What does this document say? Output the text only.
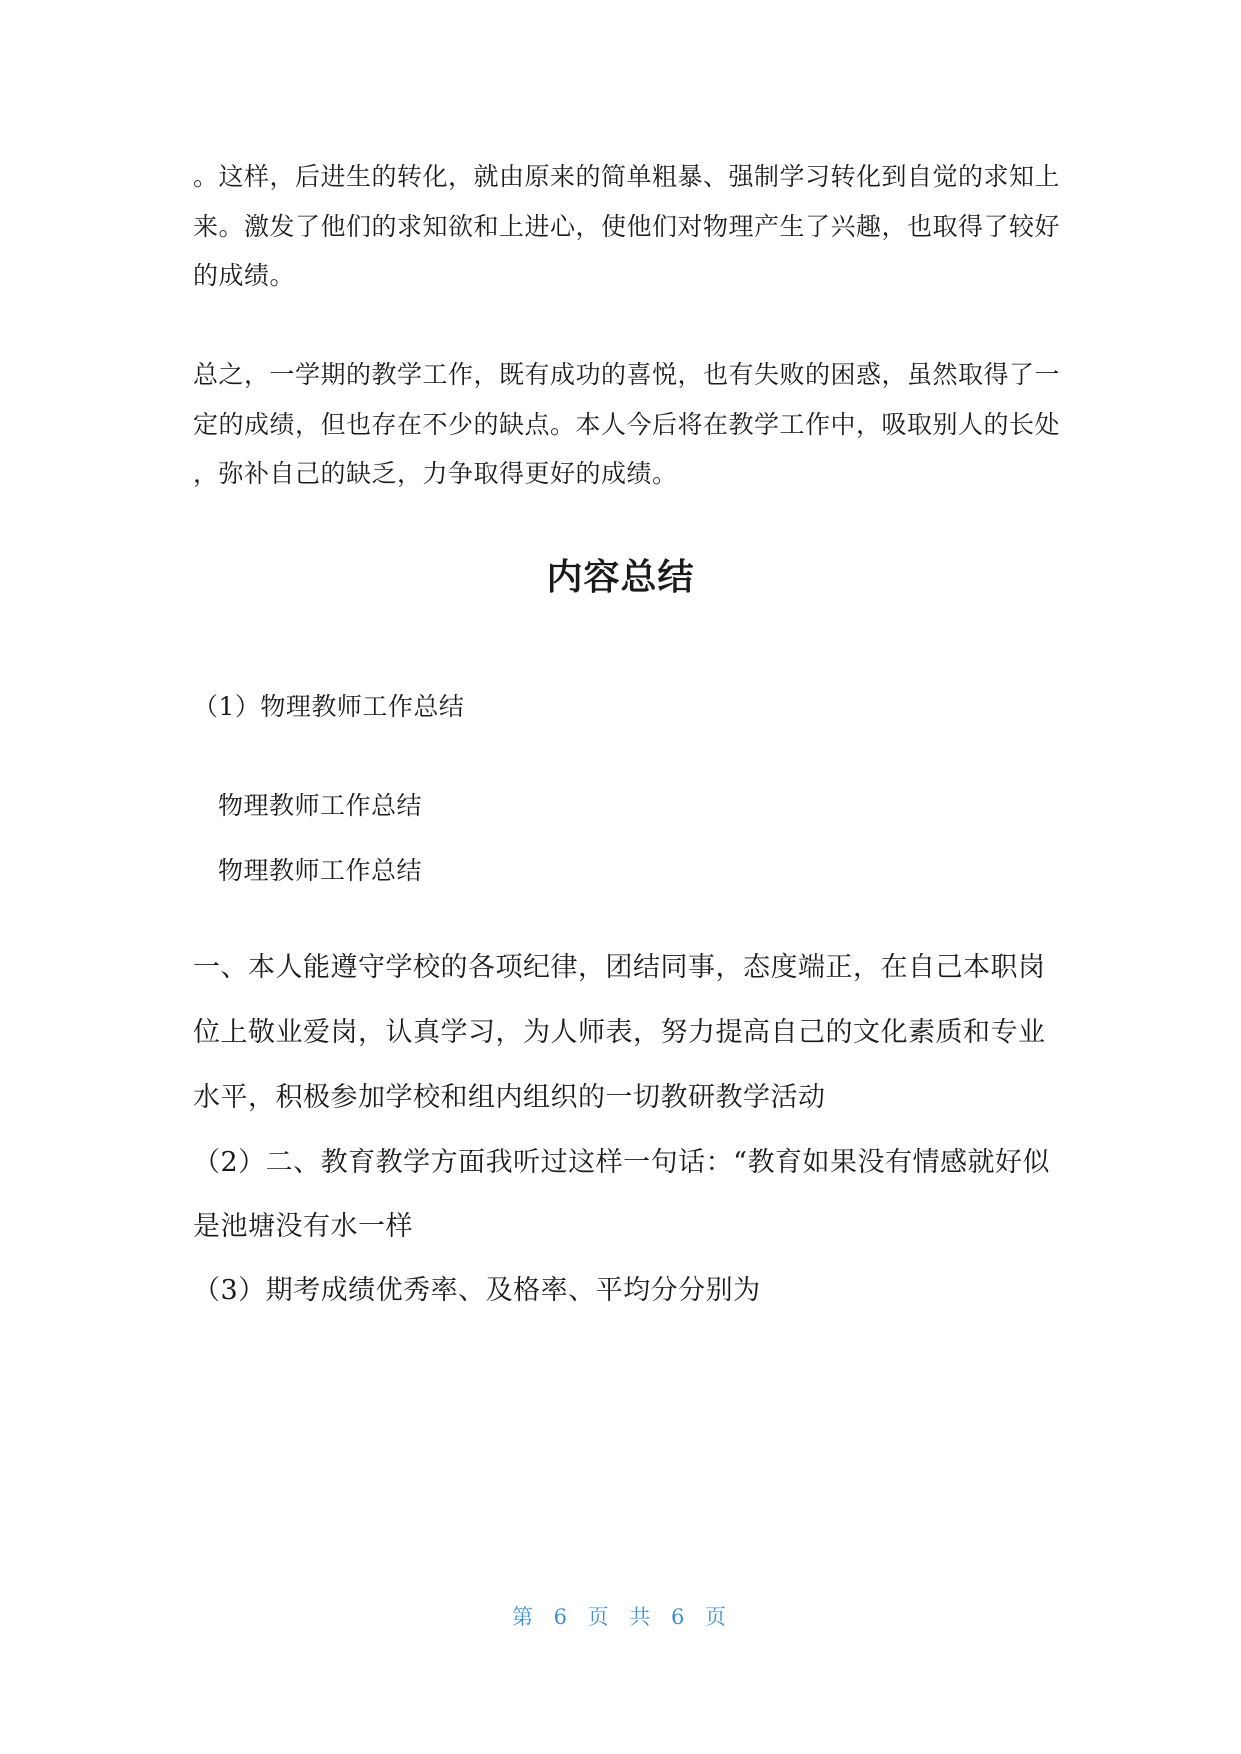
。这样，后进生的转化，就由原来的简单粗暴、强制学习转化到自觉的求知上
来。激发了他们的求知欲和上进心，使他们对物理产生了兴趣，也取得了较好
的成绩。
总之，一学期的教学工作，既有成功的喜悦，也有失败的困惑，虽然取得了一
定的成绩，但也存在不少的缺点。本人今后将在教学工作中，吸取别人的长处
，弥补自己的缺乏，力争取得更好的成绩。
内容总结
（1）物理教师工作总结
物理教师工作总结
物理教师工作总结
一、本人能遵守学校的各项纪律，团结同事，态度端正，在自己本职岗
位上敬业爱岗，认真学习，为人师表，努力提高自己的文化素质和专业
水平，积极参加学校和组内组织的一切教研教学活动
（2）二、教育教学方面我听过这样一句话：“教育如果没有情感就好似
是池塘没有水一样
（3）期考成绩优秀率、及格率、平均分分别为
第 6 页 共 6 页
